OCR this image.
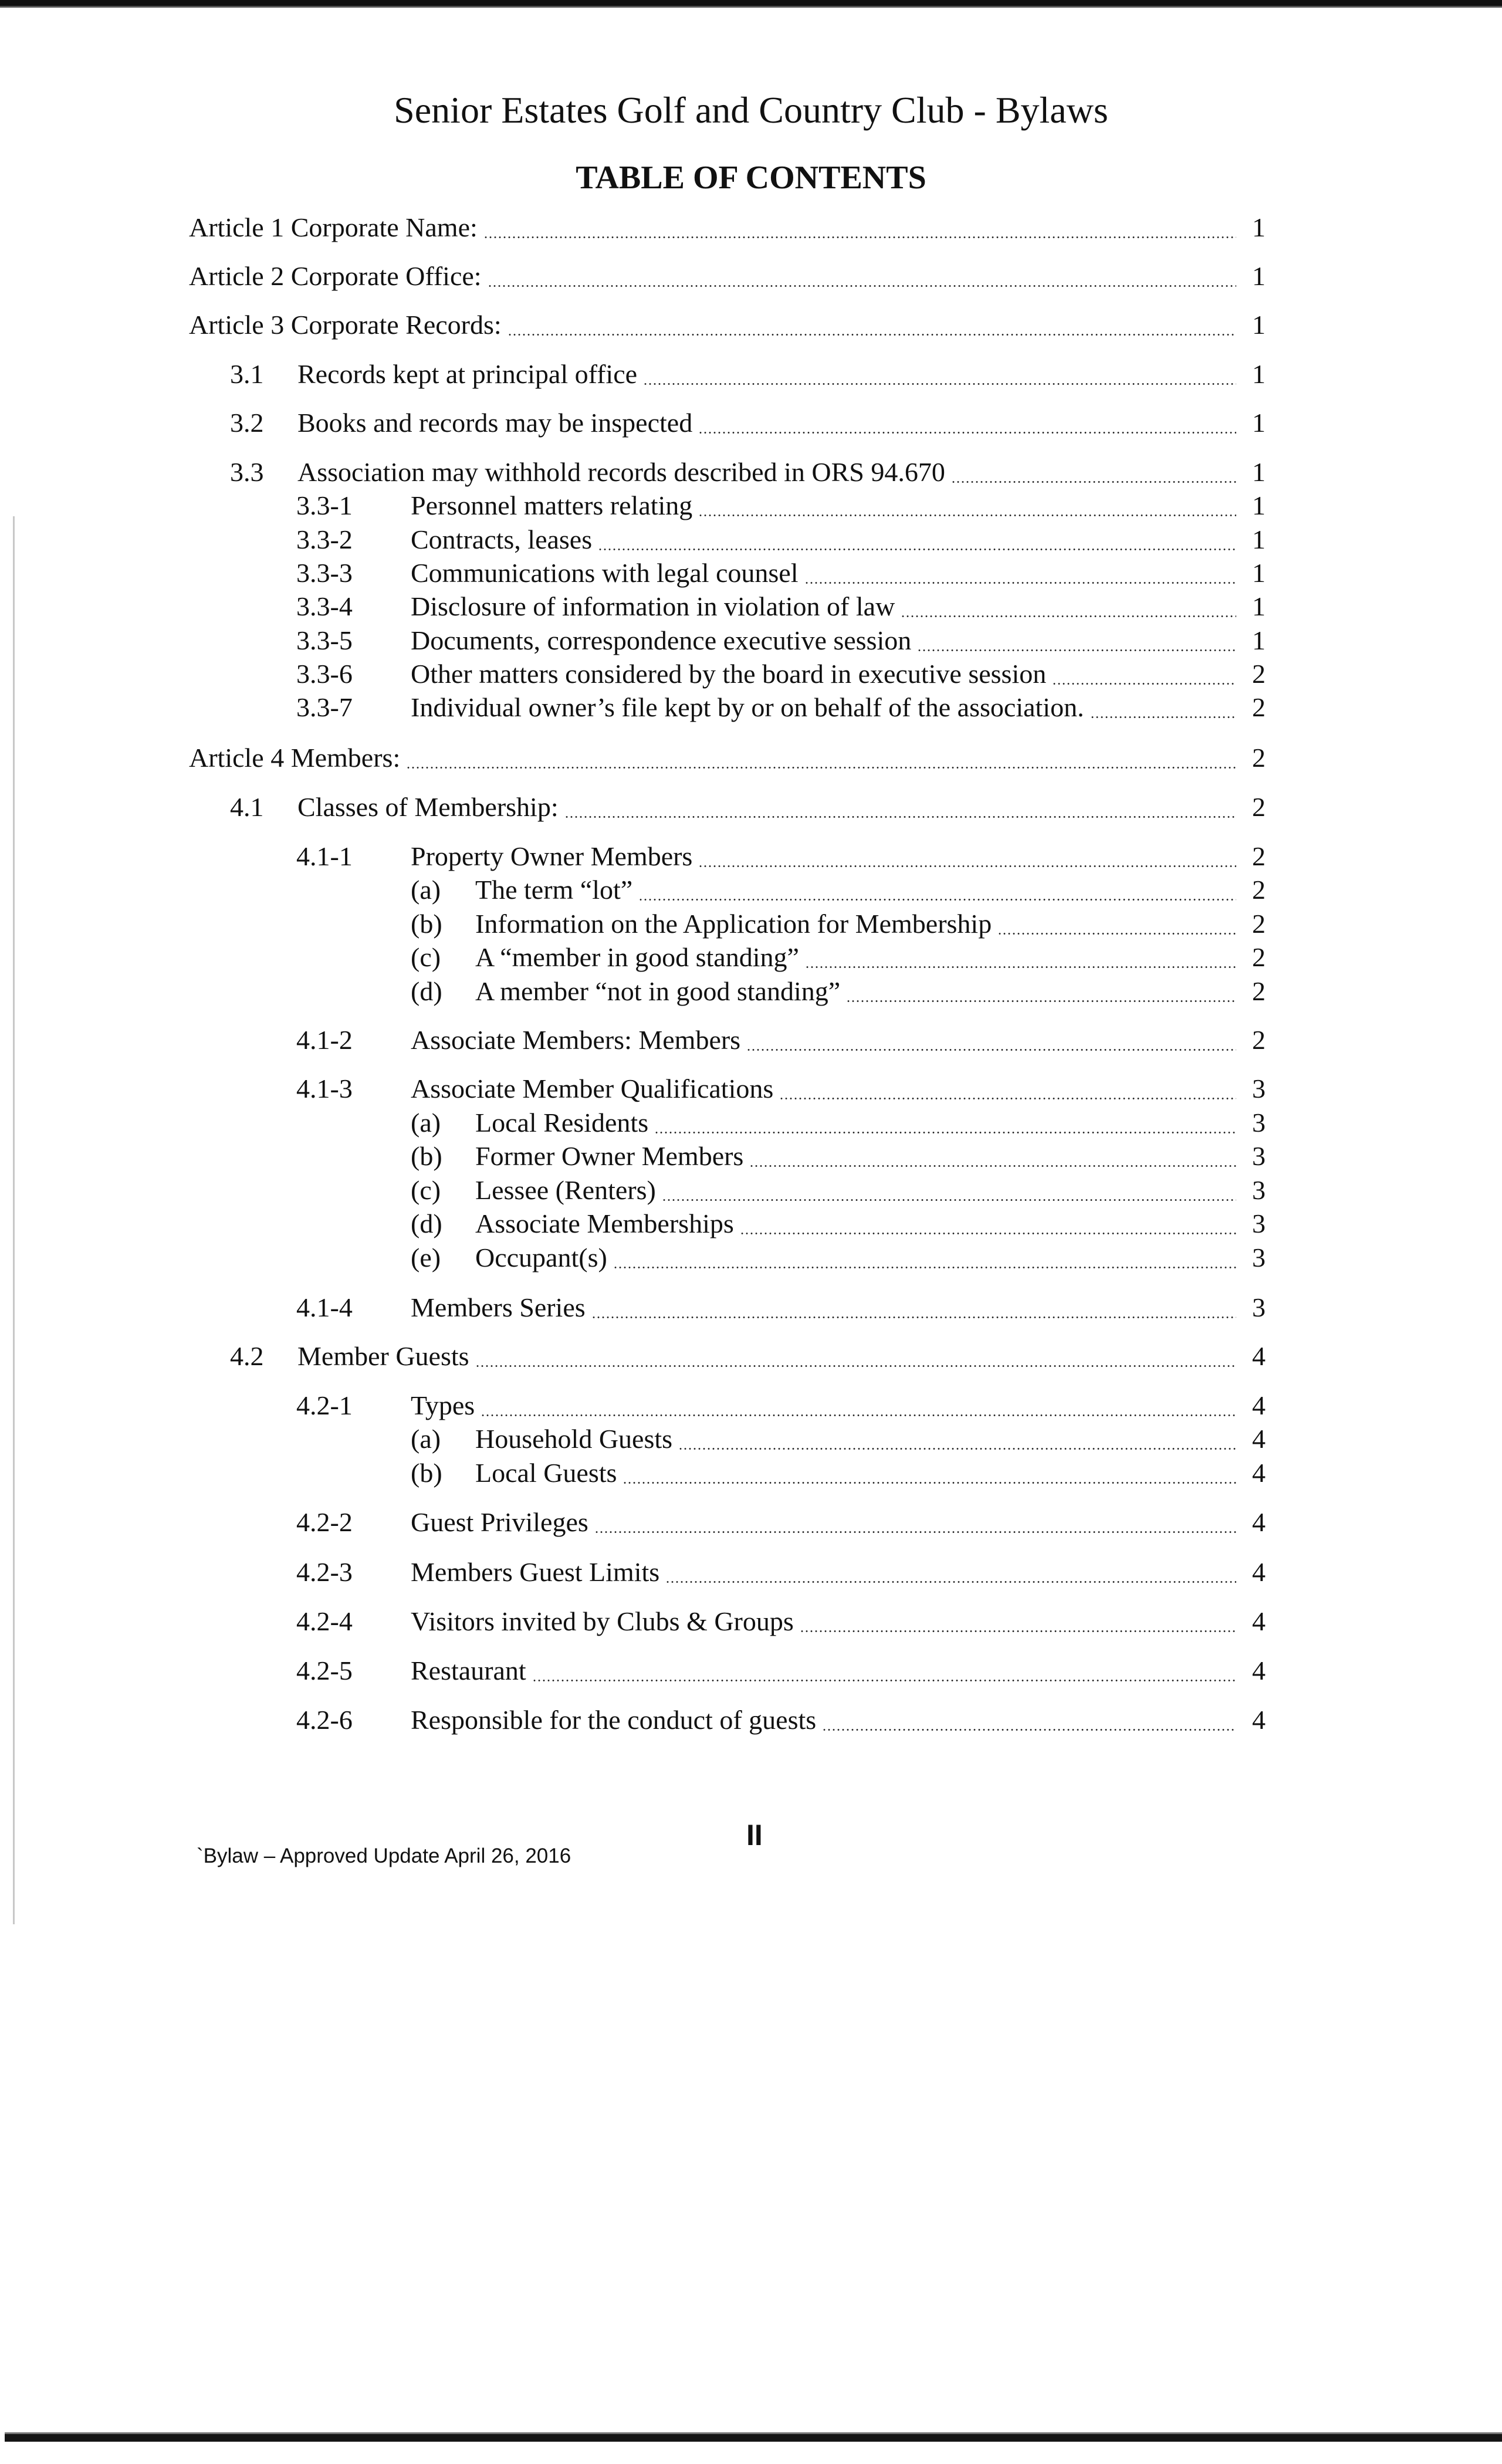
Senior Estates Golf and Country Club - Bylaws
TABLE OF CONTENTS
Article 1 Corporate Name:	1
Article 2 Corporate Office:	1
Article 3 Corporate Records:	1
3.1	Records kept at principal office	1
3.2	Books and records may be inspected	1
3.3	Association may withhold records described in ORS 94.670	1
3.3-1	Personnel matters relating	1
3.3-2	Contracts, leases	1
3.3-3	Communications with legal counsel	1
3.3-4	Disclosure of information in violation of law	1
3.3-5	Documents, correspondence executive session	1
3.3-6	Other matters considered by the board in executive session	2
3.3-7	Individual owner’s file kept by or on behalf of the association.	2
Article 4 Members:	2
4.1	Classes of Membership:	2
4.1-1	Property Owner Members	2
(a)	The term “lot”	2
(b)	Information on the Application for Membership	2
(c)	A “member in good standing”	2
(d)	A member “not in good standing”	2
4.1-2	Associate Members: Members	2
4.1-3	Associate Member Qualifications	3
(a)	Local Residents	3
(b)	Former Owner Members	3
(c)	Lessee (Renters)	3
(d)	Associate Memberships	3
(e)	Occupant(s)	3
4.1-4	Members Series	3
4.2	Member Guests	4
4.2-1	Types	4
(a)	Household Guests	4
(b)	Local Guests	4
4.2-2	Guest Privileges	4
4.2-3	Members Guest Limits	4
4.2-4	Visitors invited by Clubs & Groups	4
4.2-5	Restaurant	4
4.2-6	Responsible for the conduct of guests	4
`Bylaw – Approved Update April 26, 2016
II
